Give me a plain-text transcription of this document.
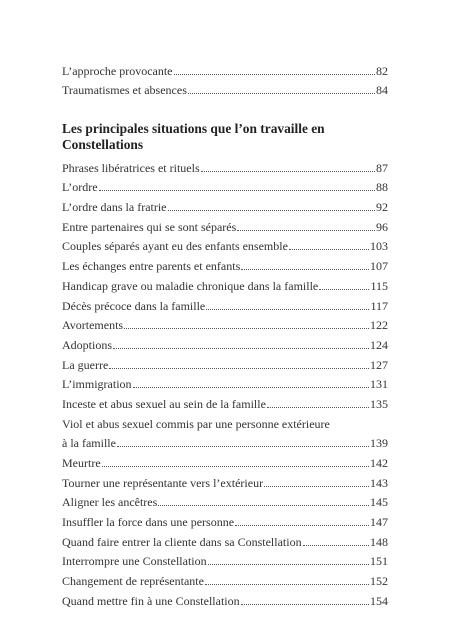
L’approche provocante	82
Traumatismes et absences	84
Les principales situations que l’on travaille en
Constellations
Phrases libératrices et rituels	87
L’ordre	88
L’ordre dans la fratrie	92
Entre partenaires qui se sont séparés	96
Couples séparés ayant eu des enfants ensemble	103
Les échanges entre parents et enfants	107
Handicap grave ou maladie chronique dans la famille	115
Décès précoce dans la famille	117
Avortements	122
Adoptions	124
La guerre	127
L’immigration	131
Inceste et abus sexuel au sein de la famille	135
Viol et abus sexuel commis par une personne extérieure
à la famille	139
Meurtre	142
Tourner une représentante vers l’extérieur	143
Aligner les ancêtres	145
Insuffler la force dans une personne	147
Quand faire entrer la cliente dans sa Constellation	148
Interrompre une Constellation	151
Changement de représentante	152
Quand mettre fin à une Constellation	154
